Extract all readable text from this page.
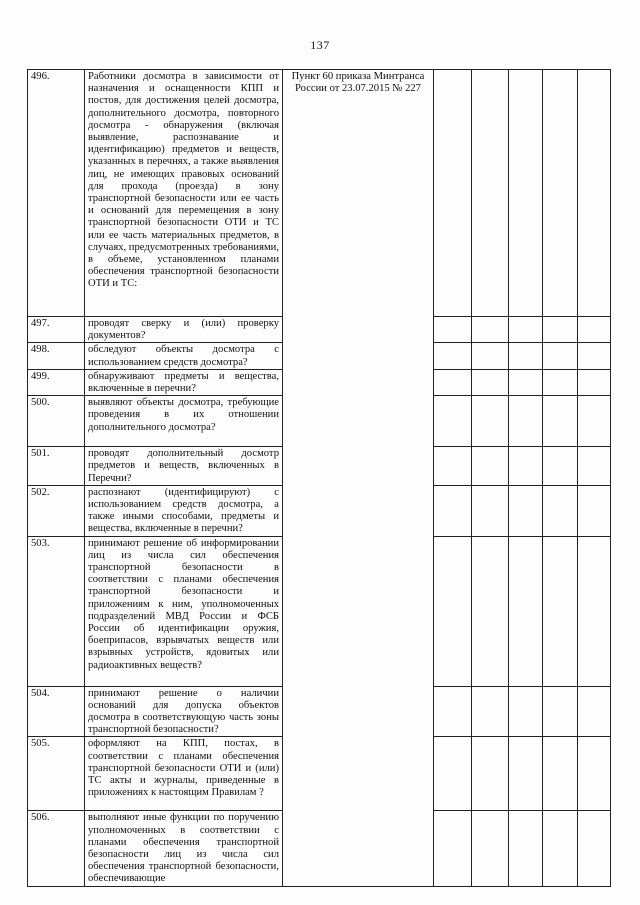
137
496.	Работники досмотра в зависимости от назначения и оснащенности КПП и постов, для достижения целей досмотра, дополнительного досмотра, повторного досмотра - обнаружения (включая выявление, распознавание и идентификацию) предметов и веществ, указанных в перечнях, а также выявления лиц, не имеющих правовых оснований для прохода (проезда) в зону транспортной безопасности или ее часть и оснований для перемещения в зону транспортной безопасности ОТИ и ТС или ее часть материальных предметов, в случаях, предусмотренных требованиями, в объеме, установленном планами обеспечения транспортной безопасности ОТИ и ТС:	Пункт 60 приказа Минтранса России от 23.07.2015 № 227					
497.	проводят сверку и (или) проверку документов?						
498.	обследуют объекты досмотра с использованием средств досмотра?						
499.	обнаруживают предметы и вещества, включенные в перечни?						
500.	выявляют объекты досмотра, требующие проведения в их отношении дополнительного досмотра?						
501.	проводят дополнительный досмотр предметов и веществ, включенных в Перечни?						
502.	распознают (идентифицируют) с использованием средств досмотра, а также иными способами, предметы и вещества, включенные в перечни?						
503.	принимают решение об информировании лиц из числа сил обеспечения транспортной безопасности в соответствии с планами обеспечения транспортной безопасности и приложениям к ним, уполномоченных подразделений МВД России и ФСБ России об идентификации оружия, боеприпасов, взрывчатых веществ или взрывных устройств, ядовитых или радиоактивных веществ?						
504.	принимают решение о наличии оснований для допуска объектов досмотра в соответствующую часть зоны транспортной безопасности?						
505.	оформляют на КПП, постах, в соответствии с планами обеспечения транспортной безопасности ОТИ и (или) ТС акты и журналы, приведенные в приложениях к настоящим Правилам ?						
506.	выполняют иные функции по поручению уполномоченных в соответствии с планами обеспечения транспортной безопасности лиц из числа сил обеспечения транспортной безопасности, обеспечивающие						
